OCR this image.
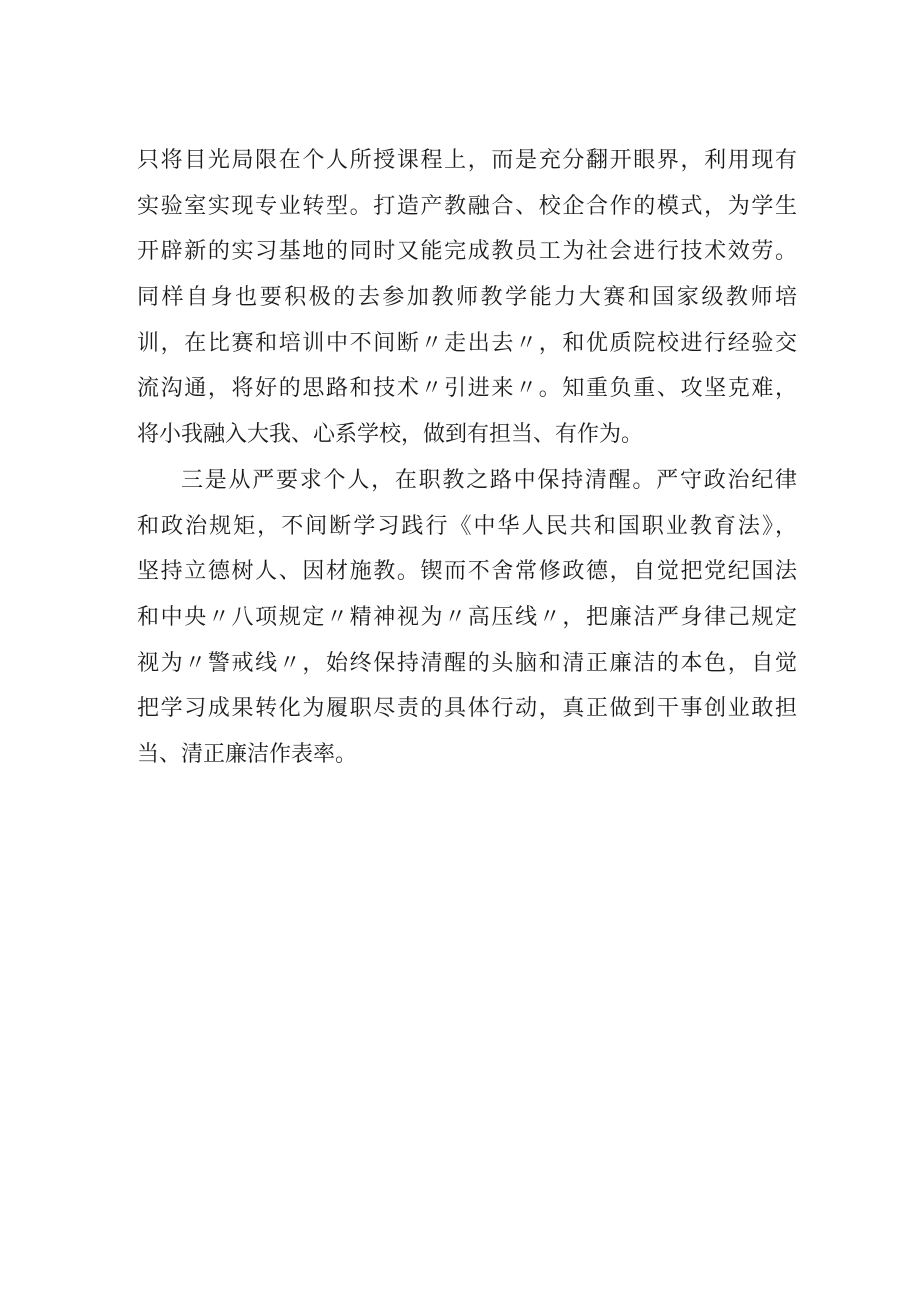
只将目光局限在个人所授课程上，而是充分翻开眼界，利用现有
实验室实现专业转型。打造产教融合、校企合作的模式，为学生
开辟新的实习基地的同时又能完成教员工为社会进行技术效劳。
同样自身也要积极的去参加教师教学能力大赛和国家级教师培
训，在比赛和培训中不间断〃走出去〃，和优质院校进行经验交
流沟通，将好的思路和技术〃引进来〃。知重负重、攻坚克难，
将小我融入大我、心系学校，做到有担当、有作为。
三是从严要求个人，在职教之路中保持清醒。严守政治纪律
和政治规矩，不间断学习践行《中华人民共和国职业教育法》，
坚持立德树人、因材施教。锲而不舍常修政德，自觉把党纪国法
和中央〃八项规定〃精神视为〃高压线〃，把廉洁严身律己规定
视为〃警戒线〃，始终保持清醒的头脑和清正廉洁的本色，自觉
把学习成果转化为履职尽责的具体行动，真正做到干事创业敢担
当、清正廉洁作表率。
